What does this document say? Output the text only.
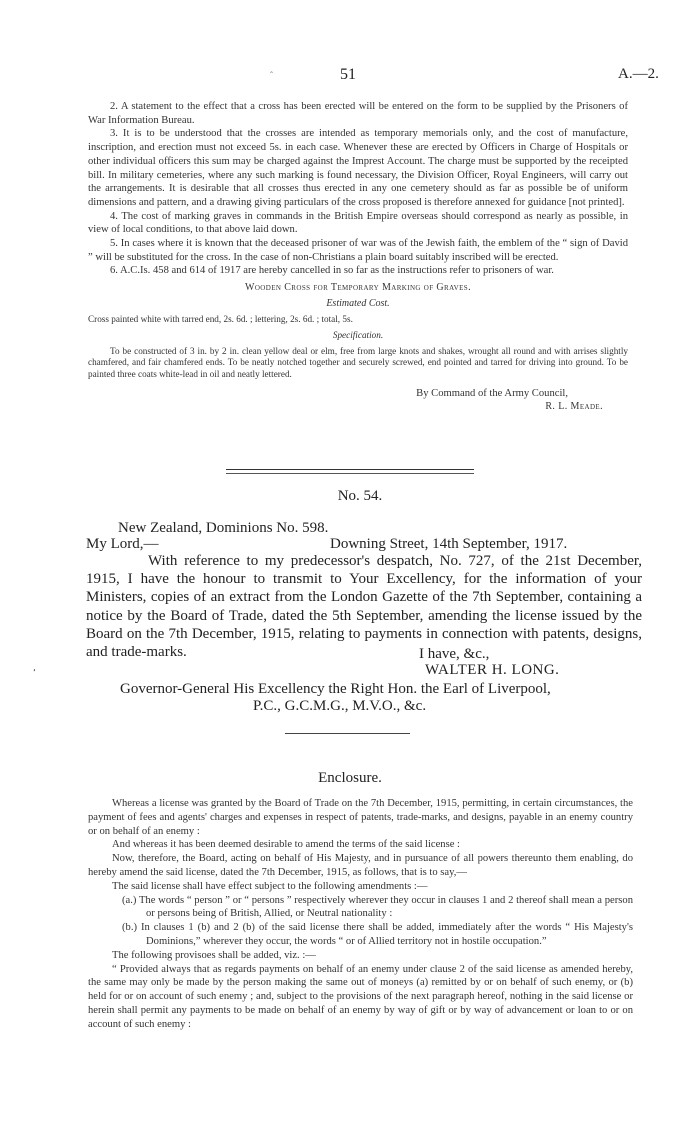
ˆ	51	A.—2.

2. A statement to the effect that a cross has been erected will be entered on the form to be supplied by the Prisoners of War Information Bureau.

3. It is to be understood that the crosses are intended as temporary memorials only, and the cost of manufacture, inscription, and erection must not exceed 5s. in each case. Whenever these are erected by Officers in Charge of Hospitals or other individual officers this sum may be charged against the Imprest Account. The charge must be supported by the receipted bill. In military cemeteries, where any such marking is found necessary, the Division Officer, Royal Engineers, will carry out the arrangements. It is desirable that all crosses thus erected in any one cemetery should as far as possible be of uniform dimensions and pattern, and a drawing giving particulars of the cross proposed is therefore annexed for guidance [not printed].

4. The cost of marking graves in commands in the British Empire overseas should correspond as nearly as possible, in view of local conditions, to that above laid down.

5. In cases where it is known that the deceased prisoner of war was of the Jewish faith, the emblem of the “ sign of David ” will be substituted for the cross. In the case of non-Christians a plain board suitably inscribed will be erected.

6. A.C.Is. 458 and 614 of 1917 are hereby cancelled in so far as the instructions refer to prisoners of war.

Wooden Cross for Temporary Marking of Graves.
Estimated Cost.
Cross painted white with tarred end, 2s. 6d. ; lettering, 2s. 6d. ; total, 5s.
Specification.
To be constructed of 3 in. by 2 in. clean yellow deal or elm, free from large knots and shakes, wrought all round and with arrises slightly chamfered, and fair chamfered ends. To be neatly notched together and securely screwed, end pointed and tarred for driving into ground. To be painted three coats white-lead in oil and neatly lettered.
By Command of the Army Council,
R. L. Meade.
No. 54.
New Zealand, Dominions No. 598.
My Lord,—	Downing Street, 14th September, 1917.
With reference to my predecessor's despatch, No. 727, of the 21st December, 1915, I have the honour to transmit to Your Excellency, for the information of your Ministers, copies of an extract from the London Gazette of the 7th September, containing a notice by the Board of Trade, dated the 5th September, amending the license issued by the Board on the 7th December, 1915, relating to payments in connection with patents, designs, and trade-marks.	I have, &c.,
WALTER H. LONG.
⸲
Governor-General His Excellency the Right Hon. the Earl of Liverpool,
P.C., G.C.M.G., M.V.O., &c.
Enclosure.

Whereas a license was granted by the Board of Trade on the 7th December, 1915, permitting, in certain circumstances, the payment of fees and agents' charges and expenses in respect of patents, trade-marks, and designs, payable in an enemy country or on behalf of an enemy :

And whereas it has been deemed desirable to amend the terms of the said license :

Now, therefore, the Board, acting on behalf of His Majesty, and in pursuance of all powers thereunto them enabling, do hereby amend the said license, dated the 7th December, 1915, as follows, that is to say,—

The said license shall have effect subject to the following amendments :—

(a.) The words “ person ” or “ persons ” respectively wherever they occur in clauses 1 and 2 thereof shall mean a person or persons being of British, Allied, or Neutral nationality :

(b.) In clauses 1 (b) and 2 (b) of the said license there shall be added, immediately after the words “ His Majesty's Dominions,” wherever they occur, the words “ or of Allied territory not in hostile occupation.”

The following provisoes shall be added, viz. :—

“ Provided always that as regards payments on behalf of an enemy under clause 2 of the said license as amended hereby, the same may only be made by the person making the same out of moneys (a) remitted by or on behalf of such enemy, or (b) held for or on account of such enemy ; and, subject to the provisions of the next paragraph hereof, nothing in the said license or herein shall permit any payments to be made on behalf of an enemy by way of gift or by way of advancement or loan to or on account of such enemy :
